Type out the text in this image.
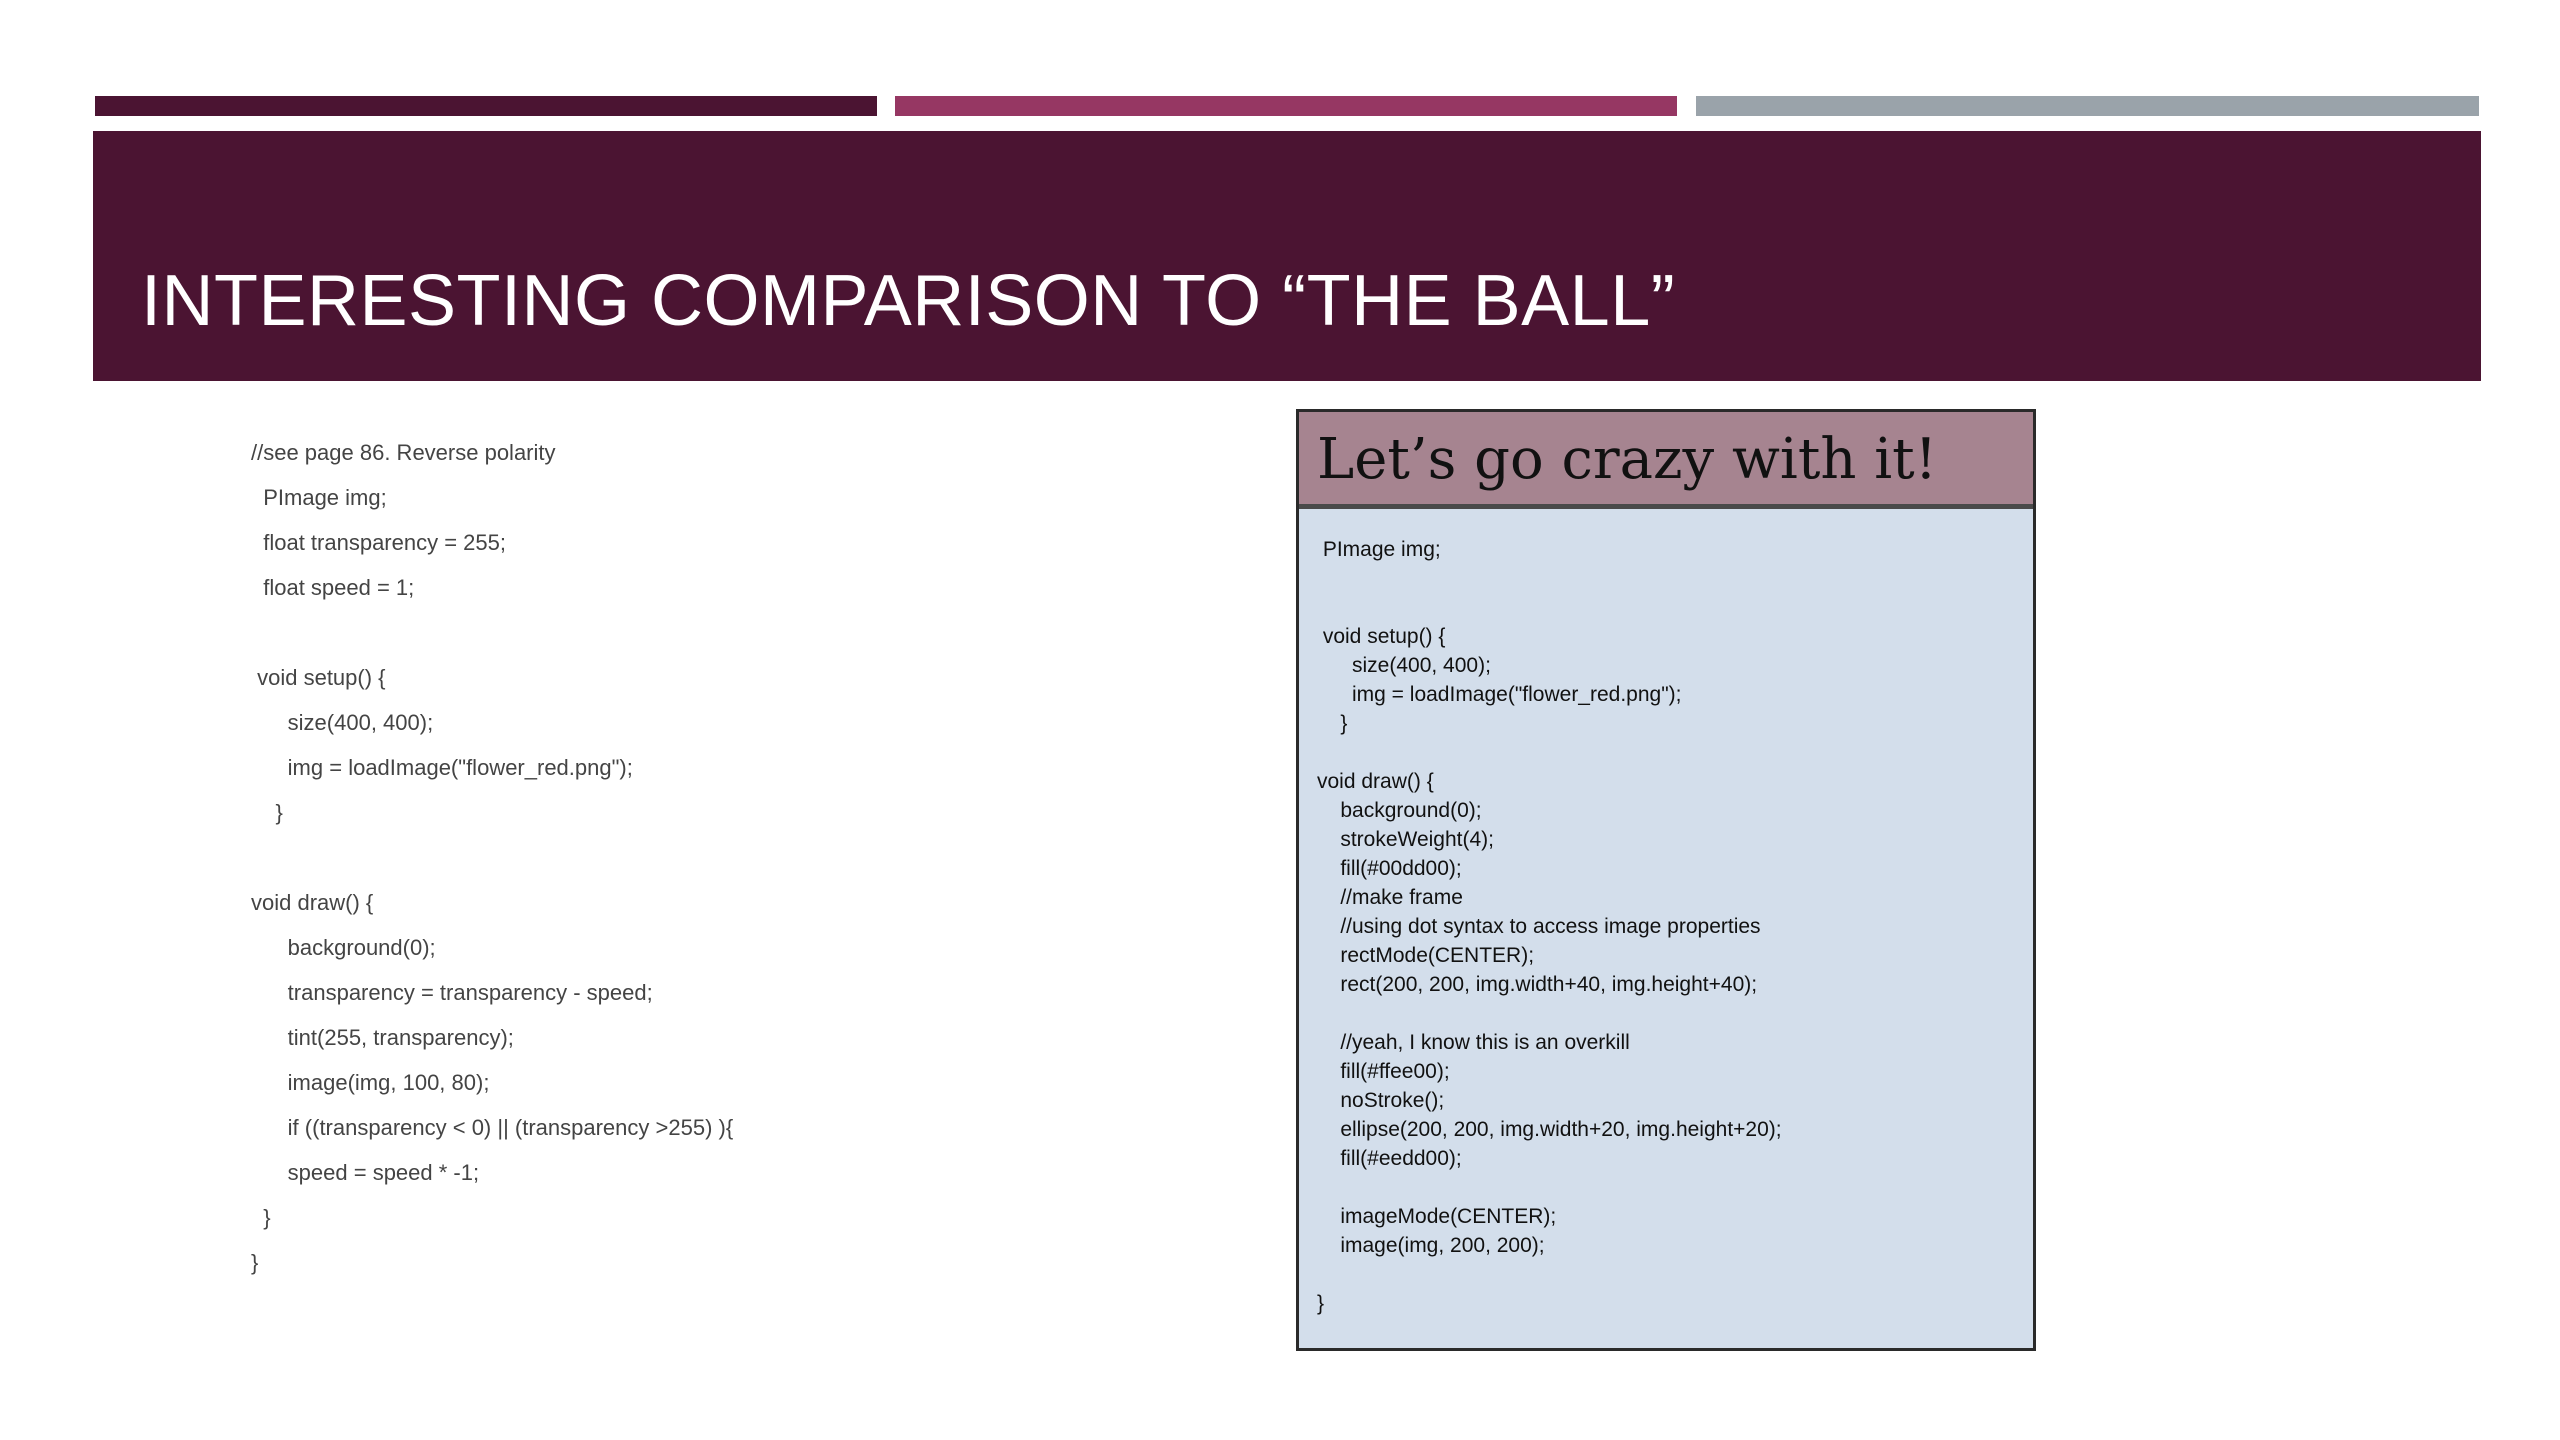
INTERESTING COMPARISON TO “THE BALL”
//see page 86. Reverse polarity
PImage img;
float transparency = 255;
float speed = 1;
void setup() {
size(400, 400);
img = loadImage("flower_red.png");
}
void draw() {
background(0);
transparency = transparency - speed;
tint(255, transparency);
image(img, 100, 80);
if ((transparency < 0) || (transparency >255) ){
speed = speed * -1;
}
}
Let’s go crazy with it!
PImage img;
void setup() {
size(400, 400);
img = loadImage("flower_red.png");
}
void draw() {
background(0);
strokeWeight(4);
fill(#00dd00);
//make frame
//using dot syntax to access image properties
rectMode(CENTER);
rect(200, 200, img.width+40, img.height+40);
//yeah, I know this is an overkill
fill(#ffee00);
noStroke();
ellipse(200, 200, img.width+20, img.height+20);
fill(#eedd00);
imageMode(CENTER);
image(img, 200, 200);
}
